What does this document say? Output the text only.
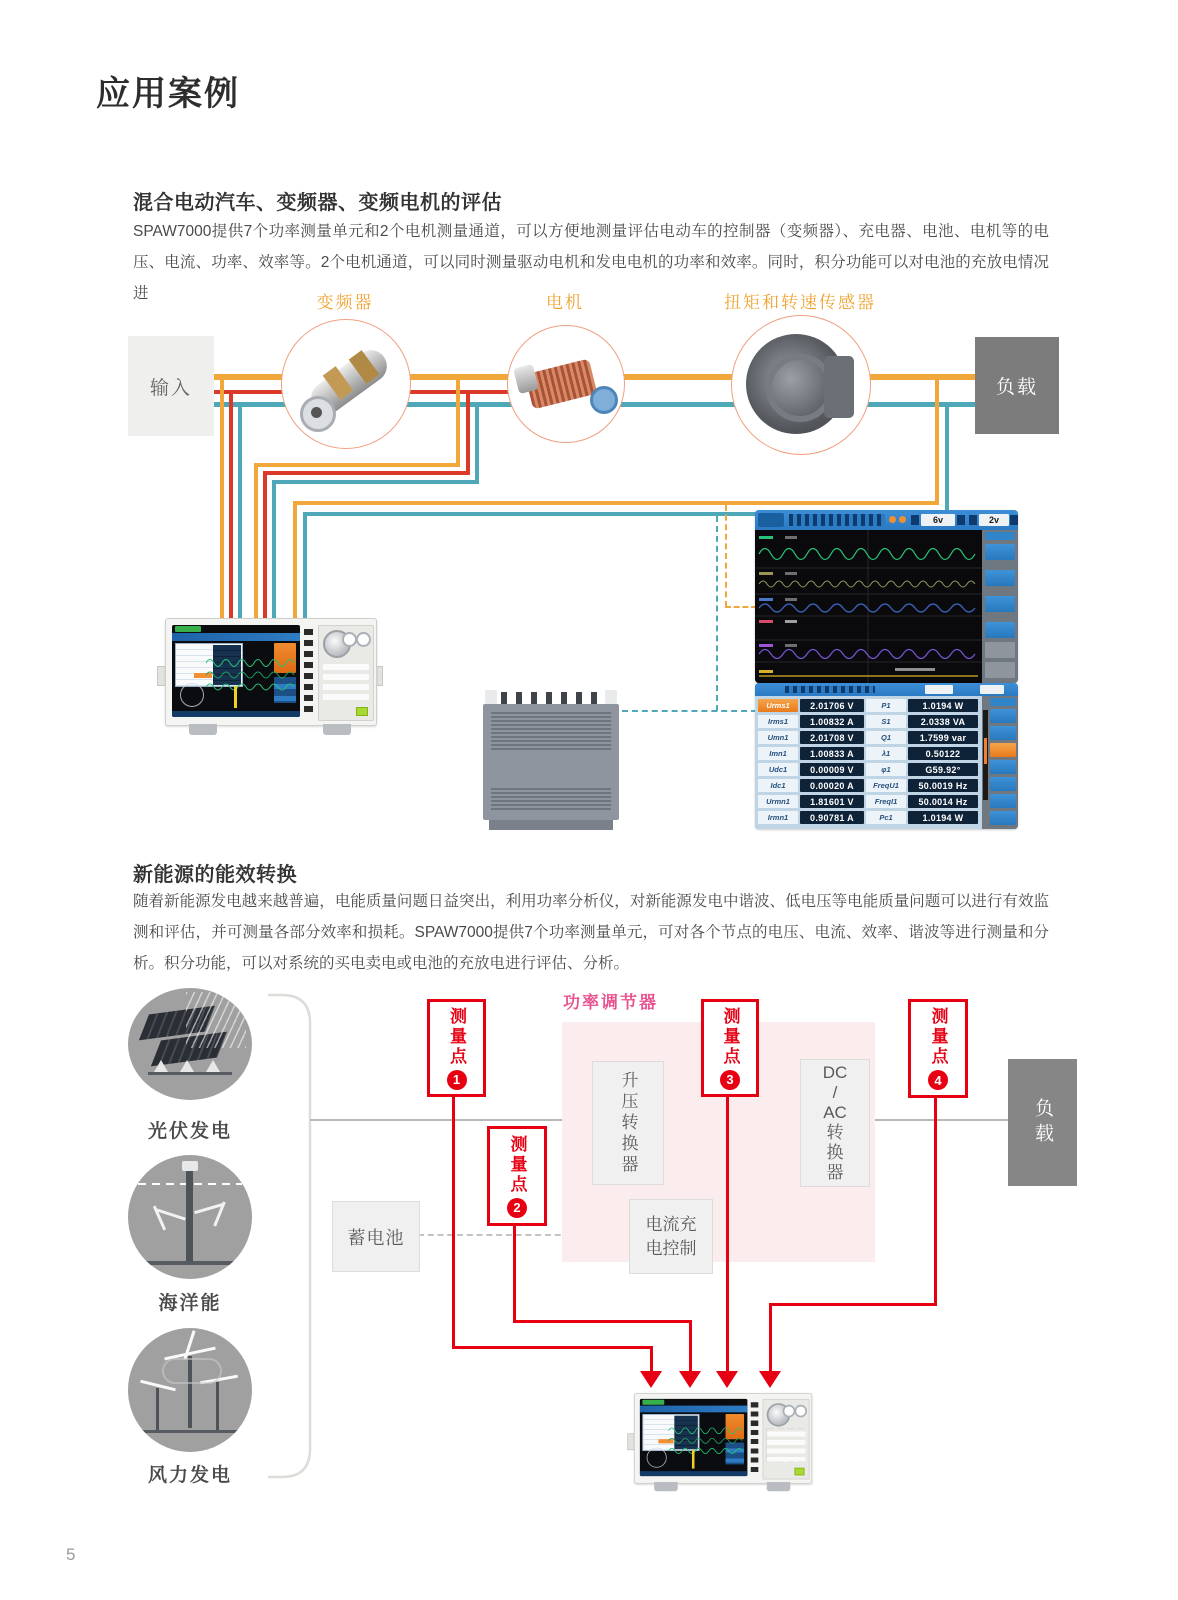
应用案例
混合电动汽车、变频器、变频电机的评估
SPAW7000提供7个功率测量单元和2个电机测量通道，可以方便地测量评估电动车的控制器（变频器）、充电器、电池、电机等的电压、电流、功率、效率等。2个电机通道，可以同时测量驱动电机和发电电机的功率和效率。同时，积分功能可以对电池的充放电情况进	变频器	电机	扭矩和转速传感器
输入	负载
6v	2v
Urms1	2.01706 V	P1	1.0194 W
Irms1	1.00832 A	S1	2.0338 VA
Umn1	2.01708 V	Q1	1.7599 var
Imn1	1.00833 A	λ1	0.50122
Udc1	0.00009 V	φ1	G59.92°
Idc1	0.00020 A	FreqU1	50.0019 Hz
Urmn1	1.81601 V	FreqI1	50.0014 Hz
Irmn1	0.90781 A	Pc1	1.0194 W
新能源的能效转换
随着新能源发电越来越普遍，电能质量问题日益突出，利用功率分析仪，对新能源发电中谐波、低电压等电能质量问题可以进行有效监测和评估，并可测量各部分效率和损耗。SPAW7000提供7个功率测量单元，可对各个节点的电压、电流、效率、谐波等进行测量和分析。积分功能，可以对系统的买电卖电或电池的充放电进行评估、分析。
功率调节器
光伏发电
海洋能
风力发电
蓄电池
升压转换器	DC
/
AC
转
换
器
电流充
电控制
负载
测量点
1
测量点
2
测量点
3
测量点
4
5
